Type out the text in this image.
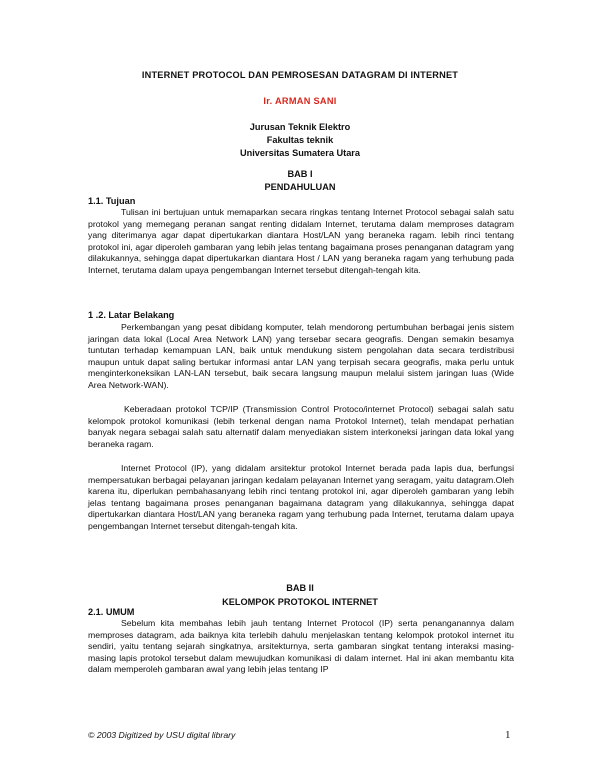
INTERNET PROTOCOL DAN PEMROSESAN DATAGRAM DI INTERNET
Ir. ARMAN SANI
Jurusan Teknik Elektro
Fakultas teknik
Universitas Sumatera Utara
BAB I
PENDAHULUAN
1.1. Tujuan

Tulisan ini bertujuan untuk memaparkan secara ringkas tentang Internet Protocol sebagai salah satu protokol yang memegang peranan sangat renting didalam Internet, terutama dalam memproses datagram yang diterimanya agar dapat dipertukarkan diantara Host/LAN yang beraneka ragam. lebih rinci tentang protokol ini, agar diperoleh gambaran yang lebih jelas tentang bagaimana proses penanganan datagram yang dilakukannya, sehingga dapat dipertukarkan diantara Host / LAN yang beraneka ragam yang terhubung pada Internet, terutama dalam upaya pengembangan Internet tersebut ditengah-tengah kita.

1 .2. Latar Belakang

Perkembangan yang pesat dibidang komputer, telah mendorong pertumbuhan berbagai jenis sistem jaringan data lokal (Local Area Network LAN) yang tersebar secara geografis. Dengan semakin besamya tuntutan terhadap kemampuan LAN, baik untuk mendukung sistem pengolahan data secara terdistribusi maupun untuk dapat saling bertukar informasi antar LAN yang terpisah secara geografis, maka perlu untuk menginterkoneksikan LAN-LAN tersebut, baik secara langsung maupun melalui sistem jaringan luas (Wide Area Network-WAN).

Keberadaan protokol TCP/IP (Transmission Control Protoco/internet Protocol) sebagai salah satu kelompok protokol komunikasi (lebih terkenal dengan nama Protokol Internet), telah mendapat perhatian banyak negara sebagai salah satu alternatif dalam menyediakan sistem interkoneksi jaringan data lokal yang beraneka ragam.

Internet Protocol (IP), yang didalam arsitektur protokol Internet berada pada lapis dua, berfungsi mempersatukan berbagai pelayanan jaringan kedalam pelayanan Internet yang seragam, yaitu datagram.Oleh karena itu, diperlukan pembahasanyang lebih rinci tentang protokol ini, agar diperoleh gambaran yang lebih jelas tentang bagaimana proses penanganan bagaimana datagram yang dilakukannya, sehingga dapat dipertukarkan diantara Host/LAN yang beraneka ragam yang terhubung pada Internet, terutama dalam upaya pengembangan Internet tersebut ditengah-tengah kita.

BAB II
KELOMPOK PROTOKOL INTERNET
2.1. UMUM

Sebelum kita membahas lebih jauh tentang Internet Protocol (IP) serta penanganannya dalam memproses datagram, ada baiknya kita terlebih dahulu menjelaskan tentang kelompok protokol internet itu sendiri, yaitu tentang sejarah singkatnya, arsitekturnya, serta gambaran singkat tentang interaksi masing-masing lapis protokol tersebut dalam mewujudkan komunikasi di dalam internet. Hal ini akan membantu kita dalam memperoleh gambaran awal yang lebih jelas tentang IP

© 2003 Digitized by USU digital library	1
